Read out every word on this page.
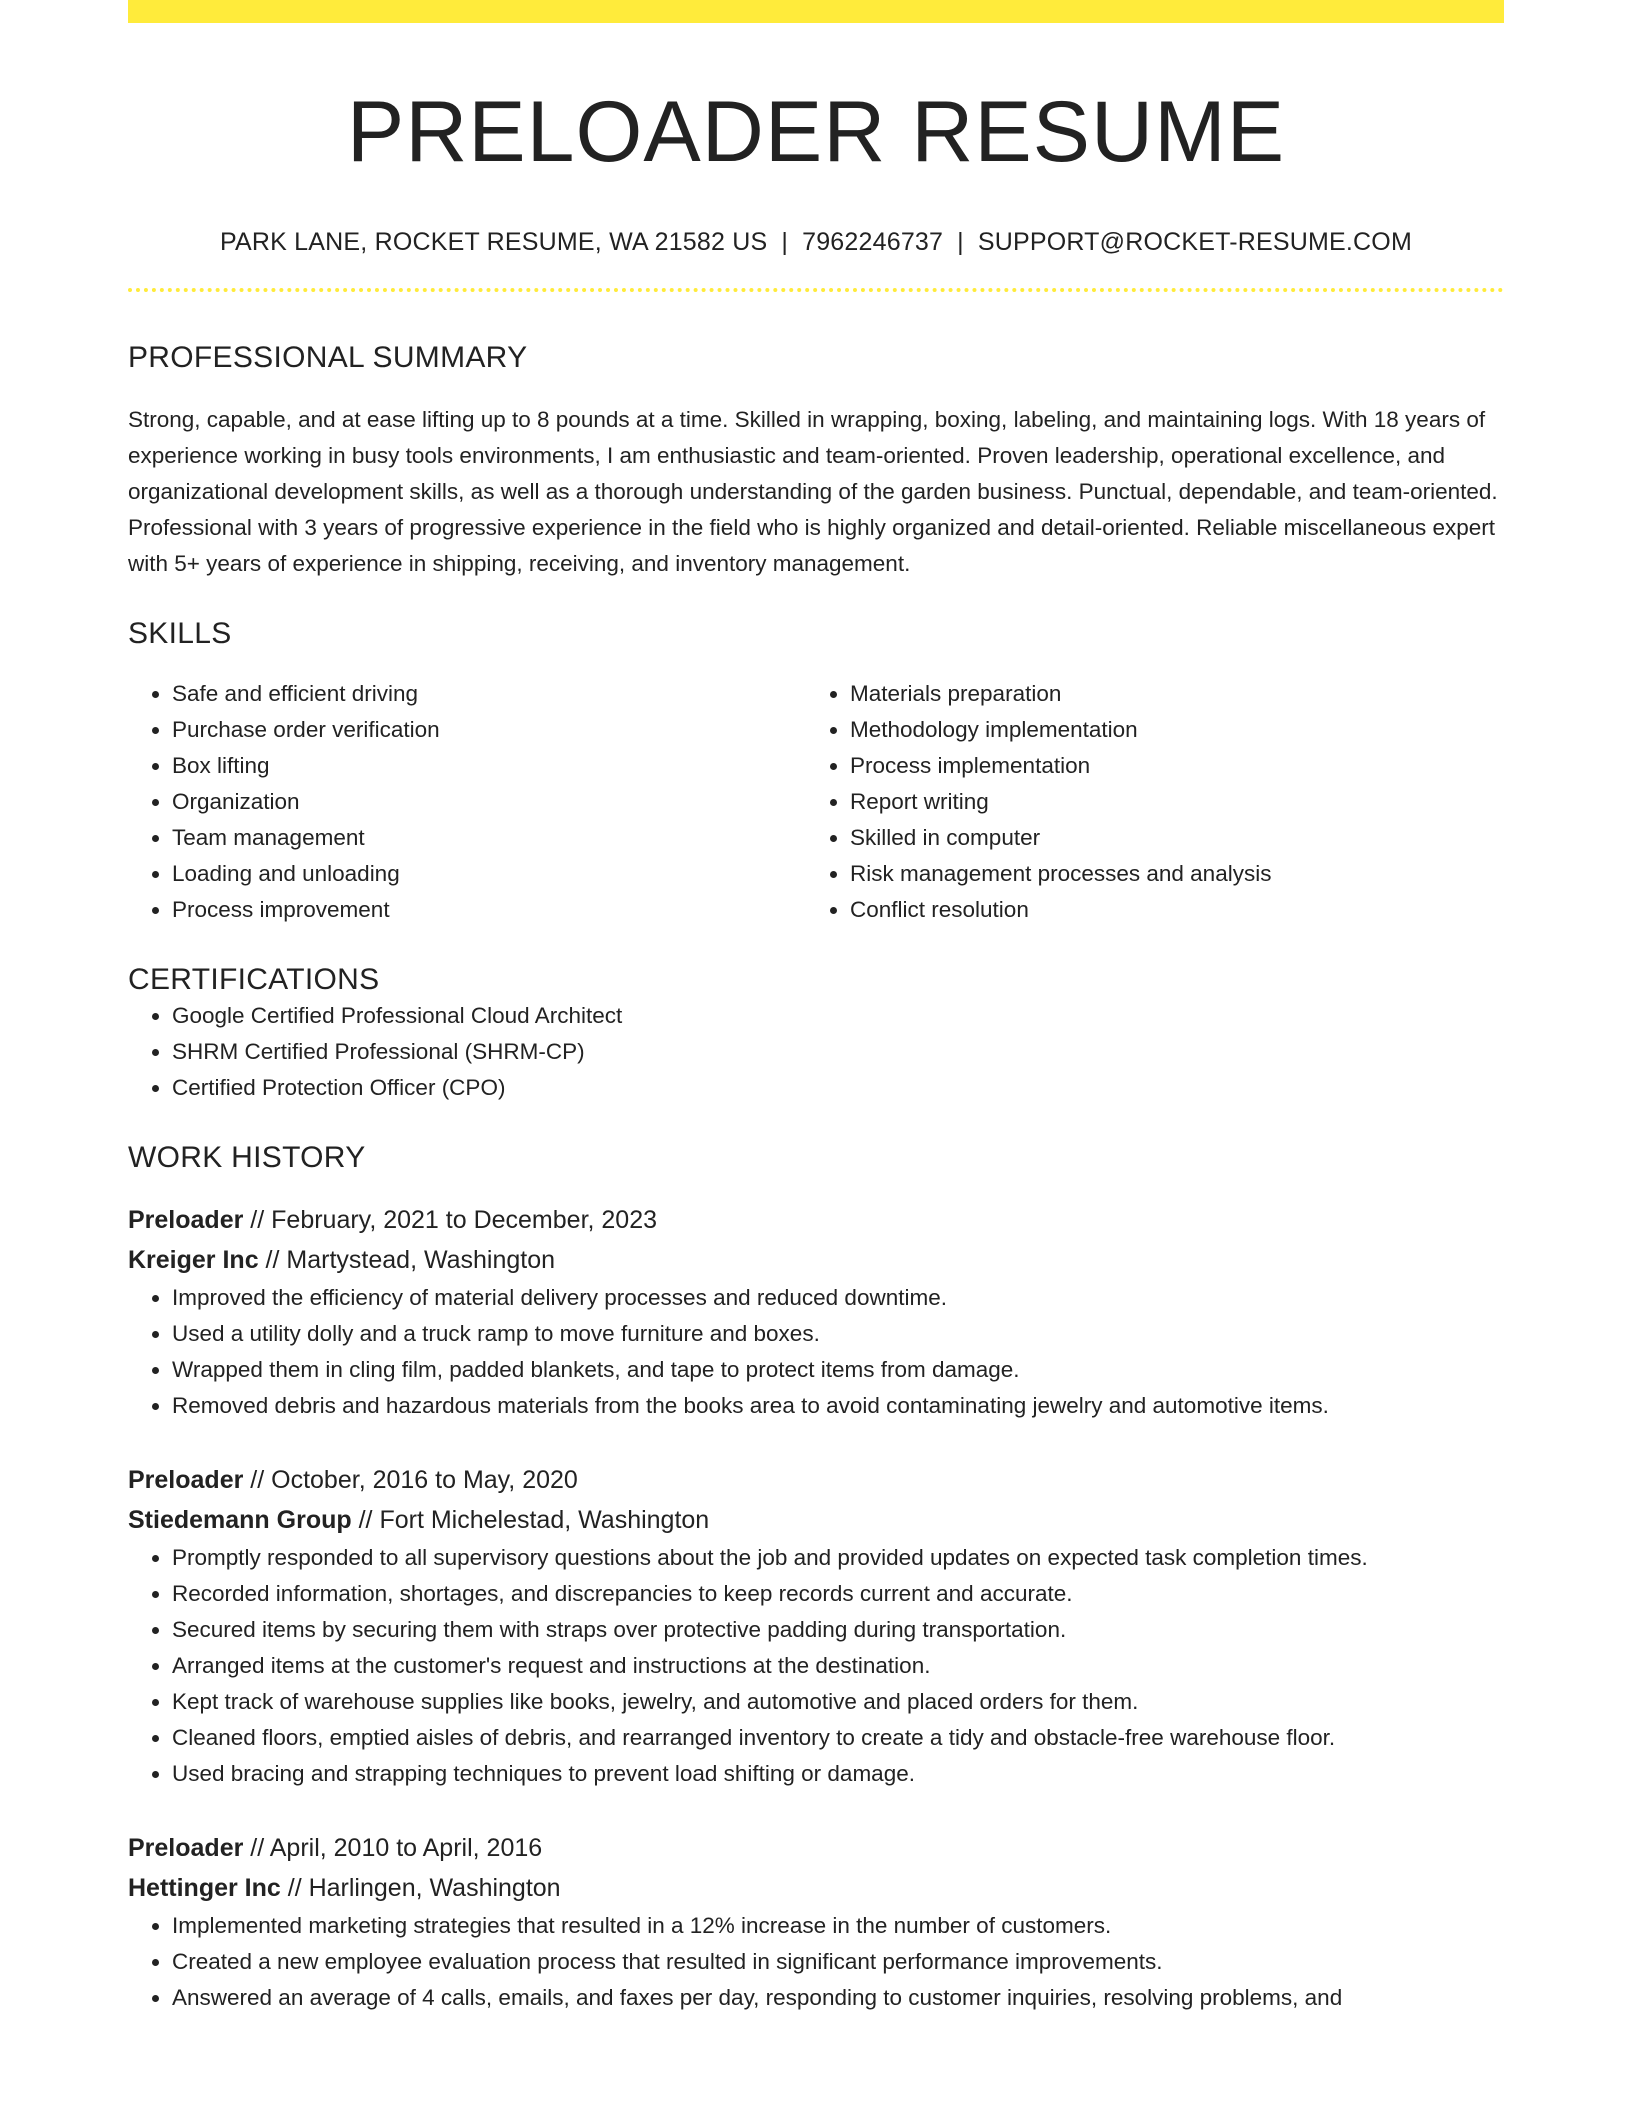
PRELOADER RESUME
PARK LANE, ROCKET RESUME, WA 21582 US | 7962246737 | SUPPORT@ROCKET-RESUME.COM
PROFESSIONAL SUMMARY

Strong, capable, and at ease lifting up to 8 pounds at a time. Skilled in wrapping, boxing, labeling, and maintaining logs. With 18 years of experience working in busy tools environments, I am enthusiastic and team-oriented. Proven leadership, operational excellence, and organizational development skills, as well as a thorough understanding of the garden business. Punctual, dependable, and team-oriented. Professional with 3 years of progressive experience in the field who is highly organized and detail-oriented. Reliable miscellaneous expert with 5+ years of experience in shipping, receiving, and inventory management.

SKILLS
• Safe and efficient driving
• Purchase order verification
• Box lifting
• Organization
• Team management
• Loading and unloading
• Process improvement
• Materials preparation
• Methodology implementation
• Process implementation
• Report writing
• Skilled in computer
• Risk management processes and analysis
• Conflict resolution
CERTIFICATIONS
• Google Certified Professional Cloud Architect
• SHRM Certified Professional (SHRM-CP)
• Certified Protection Officer (CPO)
WORK HISTORY
Preloader // February, 2021 to December, 2023
Kreiger Inc // Martystead, Washington
• Improved the efficiency of material delivery processes and reduced downtime.
• Used a utility dolly and a truck ramp to move furniture and boxes.
• Wrapped them in cling film, padded blankets, and tape to protect items from damage.
• Removed debris and hazardous materials from the books area to avoid contaminating jewelry and automotive items.
Preloader // October, 2016 to May, 2020
Stiedemann Group // Fort Michelestad, Washington
• Promptly responded to all supervisory questions about the job and provided updates on expected task completion times.
• Recorded information, shortages, and discrepancies to keep records current and accurate.
• Secured items by securing them with straps over protective padding during transportation.
• Arranged items at the customer's request and instructions at the destination.
• Kept track of warehouse supplies like books, jewelry, and automotive and placed orders for them.
• Cleaned floors, emptied aisles of debris, and rearranged inventory to create a tidy and obstacle-free warehouse floor.
• Used bracing and strapping techniques to prevent load shifting or damage.
Preloader // April, 2010 to April, 2016
Hettinger Inc // Harlingen, Washington
• Implemented marketing strategies that resulted in a 12% increase in the number of customers.
• Created a new employee evaluation process that resulted in significant performance improvements.
• Answered an average of 4 calls, emails, and faxes per day, responding to customer inquiries, resolving problems, and
